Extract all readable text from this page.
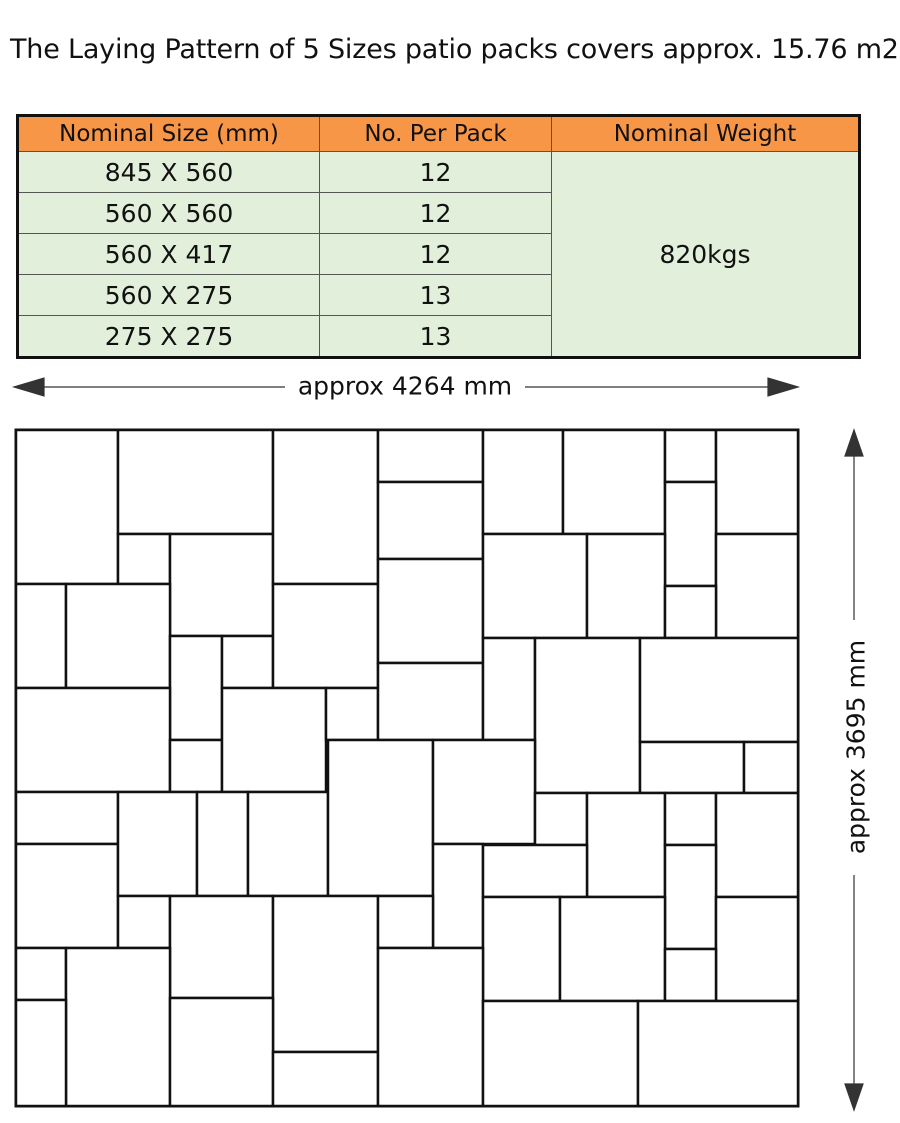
The Laying Pattern of 5 Sizes patio packs covers approx. 15.76 m2
Nominal Size (mm)	No. Per Pack	Nominal Weight
845 X 560	12	820kgs
560 X 560	12	
560 X 417	12	
560 X 275	13	
275 X 275	13	
approx 4264 mm
approx 3695 mm
